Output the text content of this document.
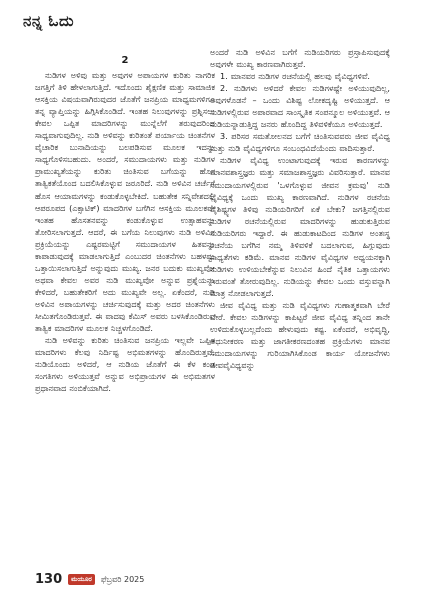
ನನ್ನ ಓದು
2

ನುಡಿಗಳ ಅಳಿವು ಮತ್ತು ಅವುಗಳ ಅಪಾಯಗಳ ಕುರಿತು ನಾಗರಿಕ ಜಗತ್ತಿಗೆ ತಿಳಿ ಹೇಳಲಾಗುತ್ತಿದೆ. ಇದೊಂದು ಶೈಕ್ಷಣಿಕ ಮತ್ತು ಸಾಮಾಜಿಕ ಆಸಕ್ತಿಯ ವಿಷಯವಾಗಿರುವುದರ ಜೊತೆಗೆ ಜನಪ್ರಿಯ ಮಾಧ್ಯಮಗಳಿಗೂ ತನ್ನ ವ್ಯಾಪ್ತಿಯನ್ನು ಹಿಗ್ಗಿಸಿಕೊಂಡಿದೆ. ಇಂತಹ ನಿಲುವುಗಳನ್ನು ಪ್ರಶ್ನಿಸಲು ಕೇವಲ ಒಪ್ಪಿತ ಮಾದರಿಗಳನ್ನು ಮುನ್ನೆಲೆಗೆ ತರುವುದರಿಂದ ಸಾಧ್ಯವಾಗುವುದಿಲ್ಲ. ನುಡಿ ಅಳಿವನ್ನು ಕುರಿತಂತೆ ಪರ್ಯಾಯ ಚಿಂತನೆಗಳ ವೈಚಾರಿಕ ಬುನಾದಿಯನ್ನು ಬಲಪಡಿಸುವ ಮೂಲಕ ಇದನ್ನು ಸಾಧ್ಯಗೊಳಿಸಬಹುದು. ಅಂದರೆ, ಸಮುದಾಯಗಳು ಮತ್ತು ನುಡಿಗಳ ಪ್ರಾಮುಖ್ಯತೆಯನ್ನು ಕುರಿತು ಚಿಂತಿಸುವ ಬಗೆಯನ್ನು ಹೊಸ ತಾತ್ವಿಕತೆಯೊಂದ ಬದಲಿಸಿಕೊಳ್ಳುವ ಜರೂರಿದೆ. ನುಡಿ ಅಳಿವಿನ ಚರ್ಚೆಗೆ ಹೊಸ ಆಯಾಮಗಳನ್ನು ಕಂಡುಕೊಳ್ಳಬೇಕಿದೆ. ಬಹುತೇಕ ಸನ್ನಿವೇಶದಲ್ಲಿ ಆಪರೂಪದ (ಎಕ್ಸಾಟಿಕ್) ಮಾದರಿಗಳ ಬಗೆಗಿನ ಆಸಕ್ತಿಯ ಮೂಲಕವೇ ಇಂತಹ ಹೊಸತನವನ್ನು ಕಂಡುಕೊಳ್ಳುವ ಉತ್ಸಾಹವನ್ನು ತೋರಿಸಲಾಗುತ್ತದೆ. ಆದರೆ, ಈ ಬಗೆಯ ನಿಲುವುಗಳು ನುಡಿ ಅಳಿವಿನ ಪ್ರಕ್ರಿಯೆಯನ್ನು ಎಷ್ಟರಮಟ್ಟಿಗೆ ಸಮುದಾಯಗಳ ಹಿತವನ್ನು ಕಾಪಾಡುವುದಕ್ಕೆ ಮಾಡಲಾಗುತ್ತಿದೆ ಎಂಬುದರ ಚಿಂತನೆಗಳು ಬಹಳಷ್ಟು ಒತ್ತಾಯಿಸಲಾಗುತ್ತಿದೆ ಅನ್ನುವುದು ಮುಖ್ಯ. ಜನರ ಬದುಕು ಮುಖ್ಯವೋ ಅಥವಾ ಕೇವಲ ಅವರ ನುಡಿ ಮುಖ್ಯವೋ ಅನ್ನುವ ಪ್ರಶ್ನೆಯನ್ನು ಕೇಳಿದರೆ, ಬಹುತೇಕರಿಗೆ ಅದು ಮುಖ್ಯವೇ ಅಲ್ಲ. ಏಕೆಂದರೆ, ನುಡಿ ಅಳಿವಿನ ಅಪಾಯಗಳನ್ನು ಚರ್ಚಿಸುವುದಕ್ಕೆ ಮತ್ತು ಅದರ ಚಿಂತನೆಗಳು ಸೀಮಿತಗೊಂಡಿರುತ್ತವೆ. ಈ ವಾದವು ಕೆಮಿಸ್ ಅವರು ಬಳಸಿಕೊಂಡಿರುವ ತಾತ್ವಿಕ ಮಾದರಿಗಳ ಮೂಲಕ ನಿಚ್ಚಳಗೊಂಡಿದೆ.

ನುಡಿ ಅಳಿವನ್ನು ಕುರಿತು ಚಿಂತಿಸುವ ಜನಪ್ರಿಯ ಇಲ್ಲವೇ ಒಪ್ಪಿತ ಮಾದರಿಗಳು ಕೆಲವು ನಿರ್ದಿಷ್ಟ ಅಭಿಮತಗಳನ್ನು ಹೊಂದಿರುತ್ತವೆ. ನುಡಿಯೊಂದು ಅಳಿದರೆ, ಆ ನುಡಿಯ ಜೊತೆಗೆ ಈ ಕೆಳ ಕಂಡ ಸಂಗತಿಗಳು ಅಳಿಯುತ್ತವೆ ಅನ್ನುವ ಅಭಿಪ್ರಾಯಗಳ ಈ ಅಭಿಮತಗಳ ಪ್ರಧಾನವಾದ ನಂಬಿಕೆಯಾಗಿದೆ.

ಅಂದರೆ ನುಡಿ ಅಳಿವಿನ ಬಗೆಗೆ ನುಡಿಯರಿಗರು ಪ್ರಸ್ತಾಪಿಸುವುದಕ್ಕೆ ಅವುಗಳೇ ಮುಖ್ಯ ಕಾರಣವಾಗಿರುತ್ತವೆ.

1. ಮಾನವರ ನುಡಿಗಳ ರಚನೆಯಲ್ಲಿ ಹಲವು ವೈವಿಧ್ಯಗಳಿವೆ.

2. ನುಡಿಗಳು ಅಳಿದರೆ ಕೇವಲ ನುಡಿಗಳಷ್ಟೇ ಅಳಿಯುವುದಿಲ್ಲ, ಅವುಗಳೊಡನೆ – ಒಂದು ವಿಶಿಷ್ಟ ಲೋಕದೃಷ್ಟಿ ಅಳಿಯುತ್ತದೆ. ಆ ನುಡಿಗಳಲ್ಲಿರುವ ಅಪಾರವಾದ ಸಾಂಸ್ಕೃತಿಕ ಸಂಪನ್ಮೂಲ ಅಳಿಯುತ್ತವೆ. ಆ ನುಡಿಯನ್ನಾಡುತ್ತಿದ್ದ ಜನರು ಹೊಂದಿದ್ದ ತಿಳಿವಳಿಕೆಯೂ ಅಳಿಯುತ್ತದೆ.

3. ಪರಿಸರ ಸಮತೋಲನದ ಬಗೆಗೆ ಚಿಂತಿಸುವವರು ಜೀವ ವೈವಿಧ್ಯ ಮತ್ತು ನುಡಿ ವೈವಿಧ್ಯಗಳಿಗೂ ಸಂಬಂಧವಿದೆಯೆಂದು ವಾದಿಸುತ್ತಾರೆ.

ನುಡಿಗಳ ವೈವಿಧ್ಯ ಉಂಟಾಗುವುದಕ್ಕೆ ಇರುವ ಕಾರಣಗಳನ್ನು ಮಾನವಶಾಸ್ತ್ರಜ್ಞರು ಮತ್ತು ಸಮಾಜಶಾಸ್ತ್ರಜ್ಞರು ವಿವರಿಸುತ್ತಾರೆ. ಮಾನವ ಸಮುದಾಯಗಳಲ್ಲಿರುವ 'ಒಳಗೊಳ್ಳುವ ಜೀವನ ಕ್ರಮವು' ನುಡಿ ವೈವಿಧ್ಯಕ್ಕೆ ಒಂದು ಮುಖ್ಯ ಕಾರಣವಾಗಿದೆ. ನುಡಿಗಳ ರಚನೆಯ ವೈಶಿಷ್ಟ್ಯಗಳ ತಿಳಿವು ನುಡಿಯರಿಗರಿಗೆ ಏಕೆ ಬೇಕು? ಜಗತ್ತಿನಲ್ಲಿರುವ ನುಡಿಗಳ ರಚನೆಯಲ್ಲಿರುವ ಮಾದರಿಗಳನ್ನು ಹುಡುಕುತ್ತಿರುವ ನುಡಿಯರಿಗರು ಇದ್ದಾರೆ. ಈ ಹುಡುಕಾಟದಿಂದ ನುಡಿಗಳ ಅಂತಃಸ್ಥ ರಚನೆಯ ಬಗೆಗಿನ ನಮ್ಮ ತಿಳಿವಳಿಕೆ ಬದಲಾಗುವ, ಹಿಗ್ಗುವುದು ಸಾಧ್ಯತೆಗಳು ಕಡಿಮೆ. ಮಾನವ ನುಡಿಗಳ ವೈವಿಧ್ಯಗಳ ಅಧ್ಯಯನಕ್ಕಾಗಿ ನುಡಿಗಳು ಉಳಿಯಬೇಕೆನ್ನುವ ನಿಲುವಿನ ಹಿಂದೆ ನೈತಿಕ ಒತ್ತಾಯಗಳು ಇರುವಂತೆ ತೋರುವುದಿಲ್ಲ. ನುಡಿಯನ್ನು ಕೇವಲ ಒಂದು ವಸ್ತುವನ್ನಾಗಿ ಮಾತ್ರ ನೋಡಲಾಗುತ್ತದೆ.

ಜೀವ ವೈವಿಧ್ಯ ಮತ್ತು ನುಡಿ ವೈವಿಧ್ಯಗಳು ಗುಣಾತ್ಮಕವಾಗಿ ಬೇರೆ ಬೇರೆ. ಕೇವಲ ನುಡಿಗಳನ್ನು ಕಾಪಿಟ್ಟರೆ ಜೀವ ವೈವಿಧ್ಯ ತನ್ನಿಂದ ತಾನೇ ಉಳಿದುಕೊಳ್ಳಬಲ್ಲದೆಂದು ಹೇಳುವುದು ಕಷ್ಟ. ಏಕೆಂದರೆ, ಅಭಿವೃದ್ಧಿ, ಆಧುನೀಕರಣ ಮತ್ತು ಜಾಗತೀಕರಣದಂತಹ ಪ್ರಕ್ರಿಯೆಗಳು ಮಾನವ ಸಮುದಾಯಗಳನ್ನು ಗುರಿಯಾಗಿಸಿಕೊಂಡ ಕಾರ್ಯ ಯೋಜನೆಗಳು ಜೀವವೈವಿಧ್ಯವನ್ನು

130	ಮಯೂರ	ಫೆಬ್ರವರಿ 2025
